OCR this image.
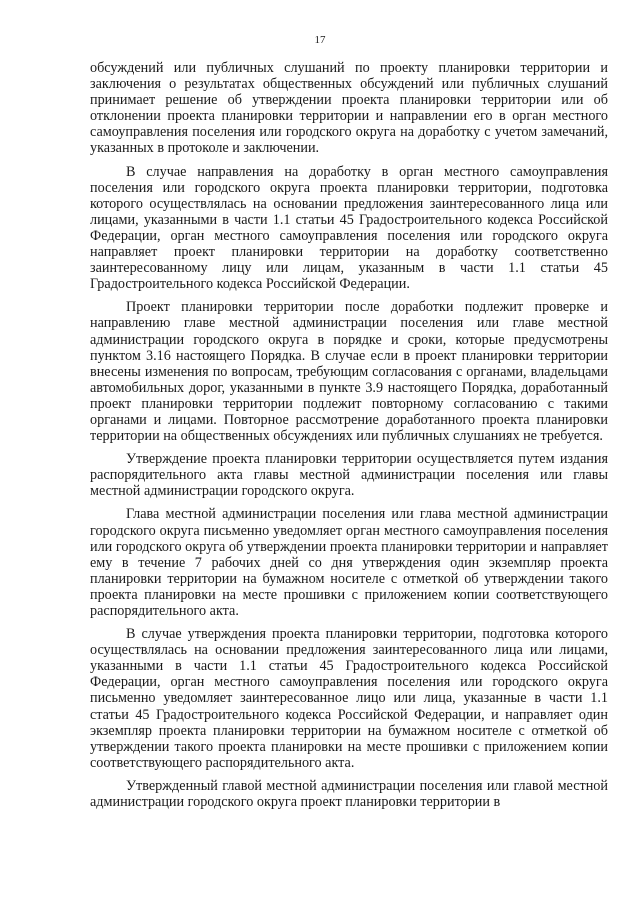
17

обсуждений или публичных слушаний по проекту планировки территории и заключения о результатах общественных обсуждений или публичных слушаний принимает решение об утверждении проекта планировки территории или об отклонении проекта планировки территории и направлении его в орган местного самоуправления поселения или городского округа на доработку с учетом замечаний, указанных в протоколе и заключении.

В случае направления на доработку в орган местного самоуправления поселения или городского округа проекта планировки территории, подготовка которого осуществлялась на основании предложения заинтересованного лица или лицами, указанными в части 1.1 статьи 45 Градостроительного кодекса Российской Федерации, орган местного самоуправления поселения или городского округа направляет проект планировки территории на доработку соответственно заинтересованному лицу или лицам, указанным в части 1.1 статьи 45 Градостроительного кодекса Российской Федерации.

Проект планировки территории после доработки подлежит проверке и направлению главе местной администрации поселения или главе местной администрации городского округа в порядке и сроки, которые предусмотрены пунктом 3.16 настоящего Порядка. В случае если в проект планировки территории внесены изменения по вопросам, требующим согласования с органами, владельцами автомобильных дорог, указанными в пункте 3.9 настоящего Порядка, доработанный проект планировки территории подлежит повторному согласованию с такими органами и лицами. Повторное рассмотрение доработанного проекта планировки территории на общественных обсуждениях или публичных слушаниях не требуется.

Утверждение проекта планировки территории осуществляется путем издания распорядительного акта главы местной администрации поселения или главы местной администрации городского округа.

Глава местной администрации поселения или глава местной администрации городского округа письменно уведомляет орган местного самоуправления поселения или городского округа об утверждении проекта планировки территории и направляет ему в течение 7 рабочих дней со дня утверждения один экземпляр проекта планировки территории на бумажном носителе с отметкой об утверждении такого проекта планировки на месте прошивки с приложением копии соответствующего распорядительного акта.

В случае утверждения проекта планировки территории, подготовка которого осуществлялась на основании предложения заинтересованного лица или лицами, указанными в части 1.1 статьи 45 Градостроительного кодекса Российской Федерации, орган местного самоуправления поселения или городского округа письменно уведомляет заинтересованное лицо или лица, указанные в части 1.1 статьи 45 Градостроительного кодекса Российской Федерации, и направляет один экземпляр проекта планировки территории на бумажном носителе с отметкой об утверждении такого проекта планировки на месте прошивки с приложением копии соответствующего распорядительного акта.

Утвержденный главой местной администрации поселения или главой местной администрации городского округа проект планировки территории в
